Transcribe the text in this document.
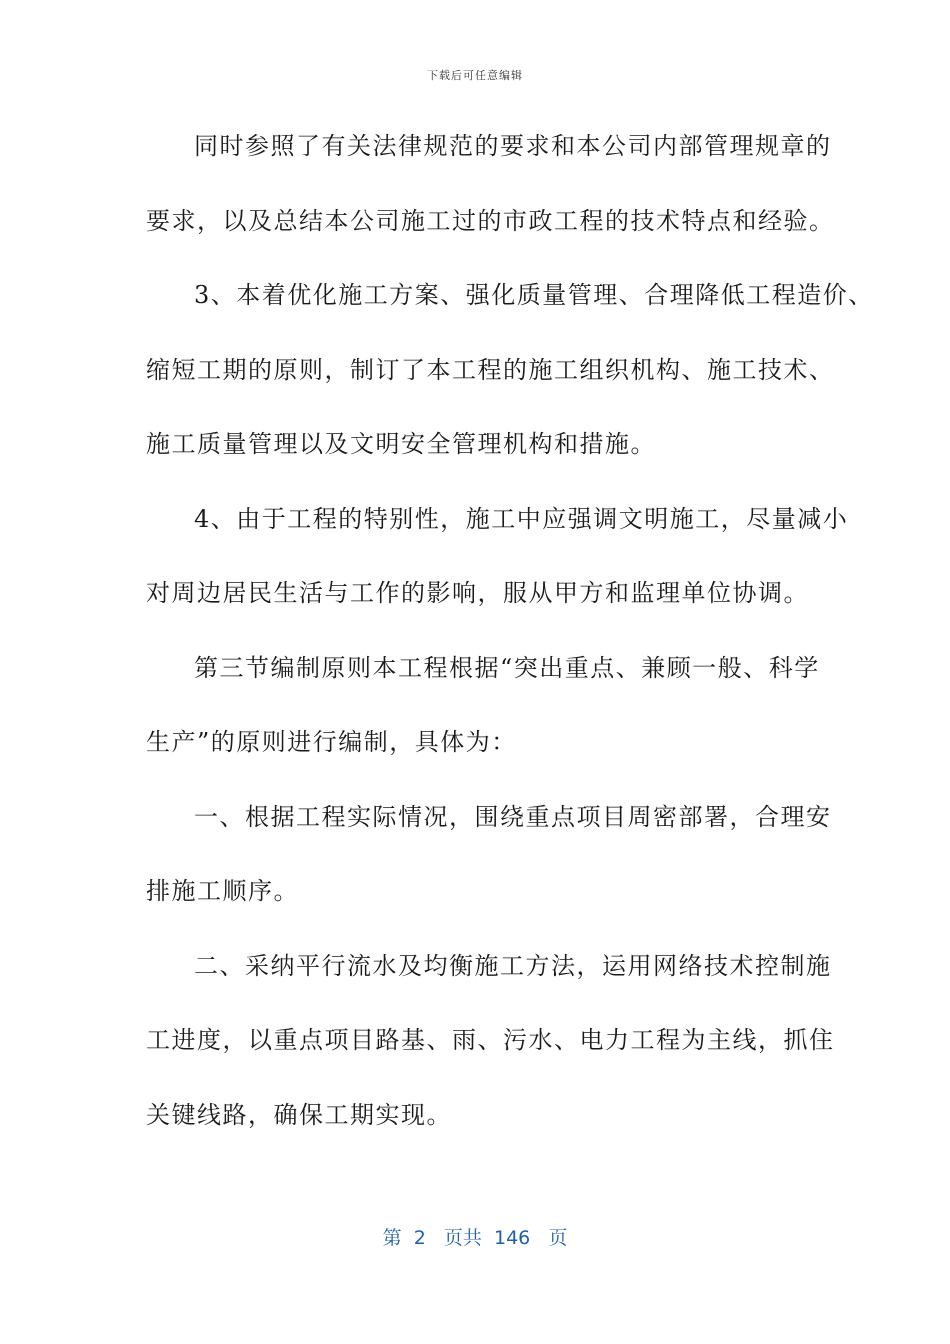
下载后可任意编辑
同时参照了有关法律规范的要求和本公司内部管理规章的
要求，以及总结本公司施工过的市政工程的技术特点和经验。
3、本着优化施工方案、强化质量管理、合理降低工程造价、
缩短工期的原则，制订了本工程的施工组织机构、施工技术、
施工质量管理以及文明安全管理机构和措施。
4、由于工程的特别性，施工中应强调文明施工，尽量减小
对周边居民生活与工作的影响，服从甲方和监理单位协调。
第三节编制原则本工程根据“突出重点、兼顾一般、科学
生产”的原则进行编制，具体为：
一、根据工程实际情况，围绕重点项目周密部署，合理安
排施工顺序。
二、采纳平行流水及均衡施工方法，运用网络技术控制施
工进度，以重点项目路基、雨、污水、电力工程为主线，抓住
关键线路，确保工期实现。
第  2   页共  146   页
